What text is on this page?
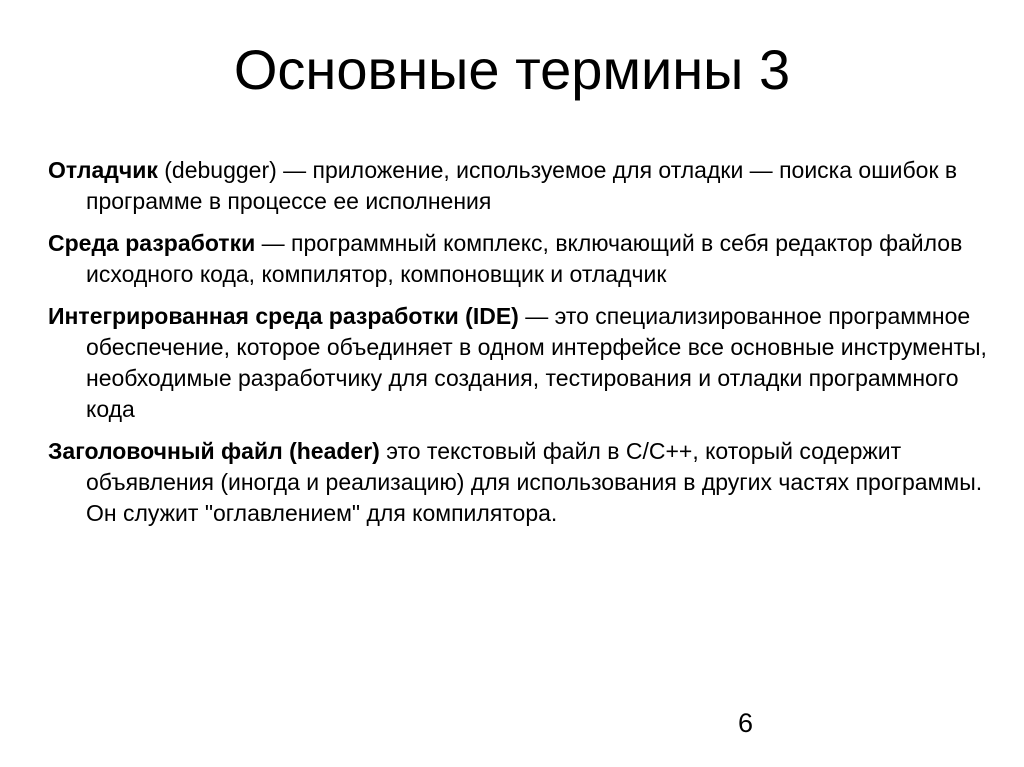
Основные термины 3
Отладчик (debugger) — приложение, используемое для отладки — поиска ошибок в программе в процессе ее исполнения
Среда разработки — программный комплекс, включающий в себя редактор файлов исходного кода, компилятор, компоновщик и отладчик
Интегрированная среда разработки (IDE) — это специализированное программное обеспечение, которое объединяет в одном интерфейсе все основные инструменты, необходимые разработчику для создания, тестирования и отладки программного кода
Заголовочный файл (header) это текстовый файл в C/C++, который содержит объявления (иногда и реализацию) для использования в других частях программы. Он служит "оглавлением" для компилятора.
6
